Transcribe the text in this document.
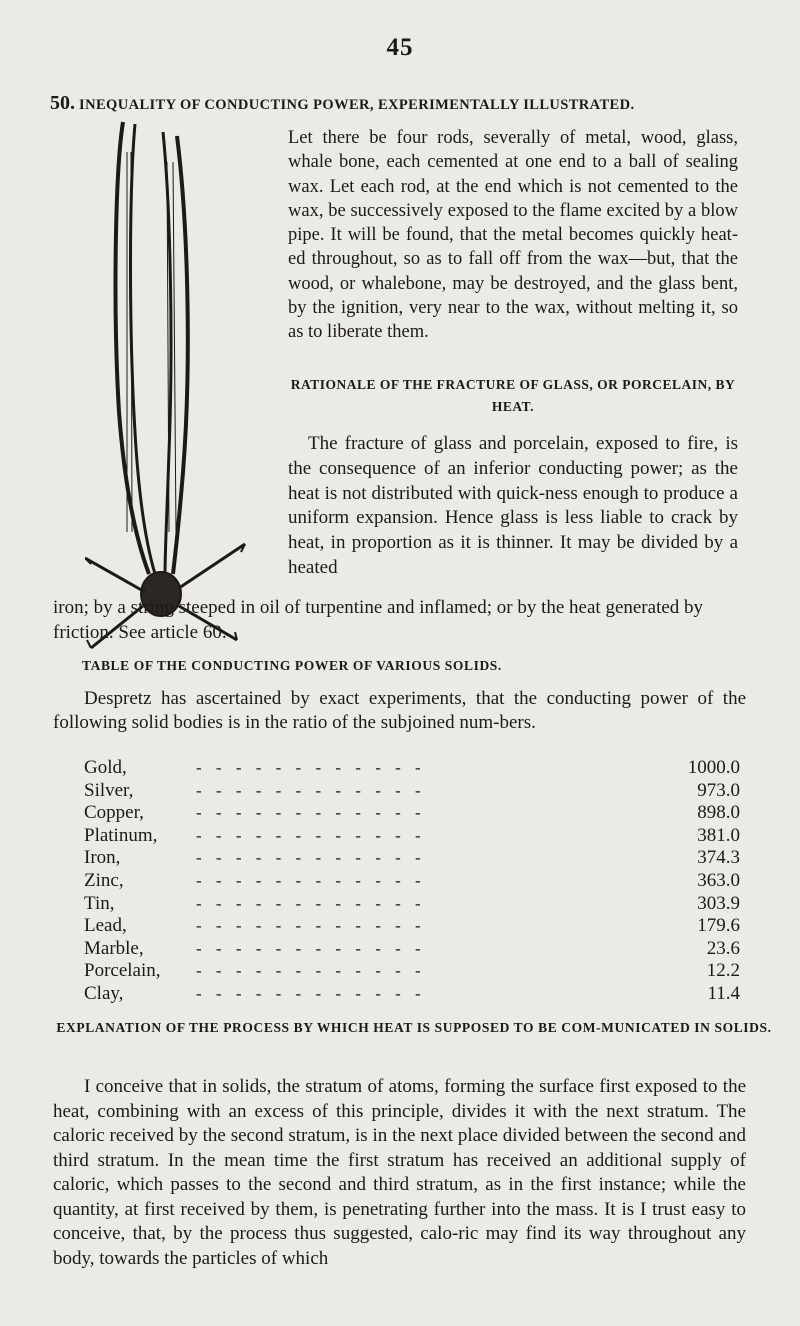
45
50. INEQUALITY OF CONDUCTING POWER, EXPERIMENTALLY ILLUSTRATED.
Let there be four rods, severally of metal, wood, glass, whale bone, each cemented at one end to a ball of sealing wax. Let each rod, at the end which is not cemented to the wax, be successively exposed to the flame excited by a blow pipe. It will be found, that the metal becomes quickly heat-ed throughout, so as to fall off from the wax—but, that the wood, or whalebone, may be destroyed, and the glass bent, by the ignition, very near to the wax, without melting it, so as to liberate them.
RATIONALE OF THE FRACTURE OF GLASS, OR PORCELAIN, BY HEAT.
The fracture of glass and porcelain, exposed to fire, is the consequence of an inferior conducting power; as the heat is not distributed with quick-ness enough to produce a uniform expansion. Hence glass is less liable to crack by heat, in proportion as it is thinner. It may be divided by a heated
iron; by a string steeped in oil of turpentine and inflamed; or by the heat generated by friction. See article 60.
TABLE OF THE CONDUCTING POWER OF VARIOUS SOLIDS.
Despretz has ascertained by exact experiments, that the conducting power of the following solid bodies is in the ratio of the subjoined num-bers.
- - - - - - - - - - - -
Gold,	1000.0
- - - - - - - - - - - -
Silver,	973.0
- - - - - - - - - - - -
Copper,	898.0
- - - - - - - - - - - -
Platinum,	381.0
- - - - - - - - - - - -
Iron,	374.3
- - - - - - - - - - - -
Zinc,	363.0
- - - - - - - - - - - -
Tin,	303.9
- - - - - - - - - - - -
Lead,	179.6
- - - - - - - - - - - -
Marble,	23.6
- - - - - - - - - - - -
Porcelain,	12.2
- - - - - - - - - - - -
Clay,	11.4
EXPLANATION OF THE PROCESS BY WHICH HEAT IS SUPPOSED TO BE COM-MUNICATED IN SOLIDS.
I conceive that in solids, the stratum of atoms, forming the surface first exposed to the heat, combining with an excess of this principle, divides it with the next stratum. The caloric received by the second stratum, is in the next place divided between the second and third stratum. In the mean time the first stratum has received an additional supply of caloric, which passes to the second and third stratum, as in the first instance; while the quantity, at first received by them, is penetrating further into the mass. It is I trust easy to conceive, that, by the process thus suggested, calo-ric may find its way throughout any body, towards the particles of which
